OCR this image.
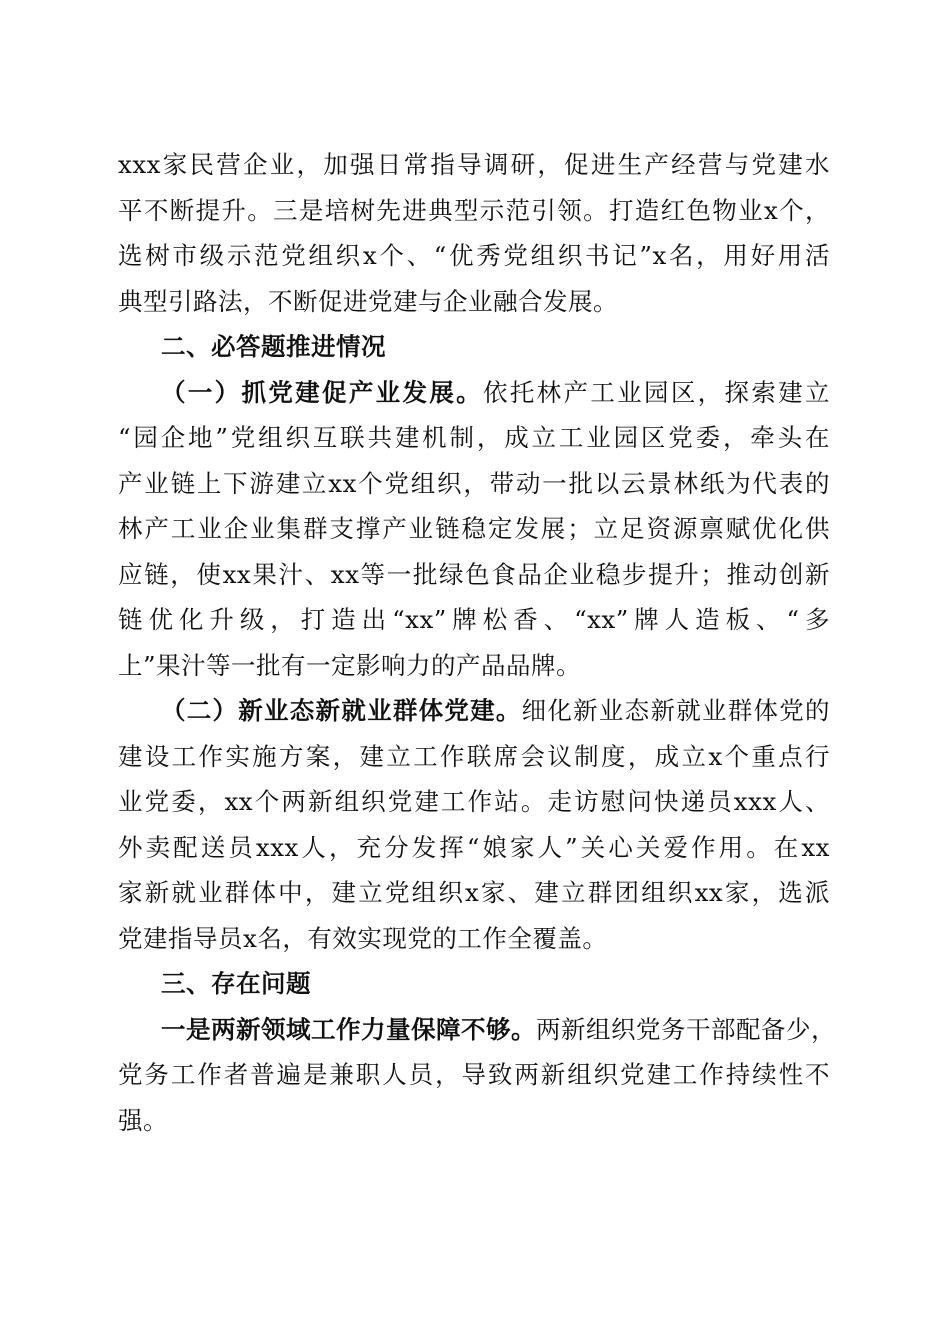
xxx家民营企业，加强日常指导调研，促进生产经营与党建水
平不断提升。三是培树先进典型示范引领。打造红色物业x个，
选树市级示范党组织x个、“优秀党组织书记”x名，用好用活
典型引路法，不断促进党建与企业融合发展。
二、必答题推进情况
（一）抓党建促产业发展。依托林产工业园区，探索建立
“园企地”党组织互联共建机制，成立工业园区党委，牵头在
产业链上下游建立xx个党组织，带动一批以云景林纸为代表的
林产工业企业集群支撑产业链稳定发展；立足资源禀赋优化供
应链，使xx果汁、xx等一批绿色食品企业稳步提升；推动创新
链优化升级，打造出“xx”牌松香、“xx”牌人造板、“多
上”果汁等一批有一定影响力的产品品牌。
（二）新业态新就业群体党建。细化新业态新就业群体党的
建设工作实施方案，建立工作联席会议制度，成立x个重点行
业党委，xx个两新组织党建工作站。走访慰问快递员xxx人、
外卖配送员xxx人，充分发挥“娘家人”关心关爱作用。在xx
家新就业群体中，建立党组织x家、建立群团组织xx家，选派
党建指导员x名，有效实现党的工作全覆盖。
三、存在问题
一是两新领域工作力量保障不够。两新组织党务干部配备少，
党务工作者普遍是兼职人员，导致两新组织党建工作持续性不
强。
